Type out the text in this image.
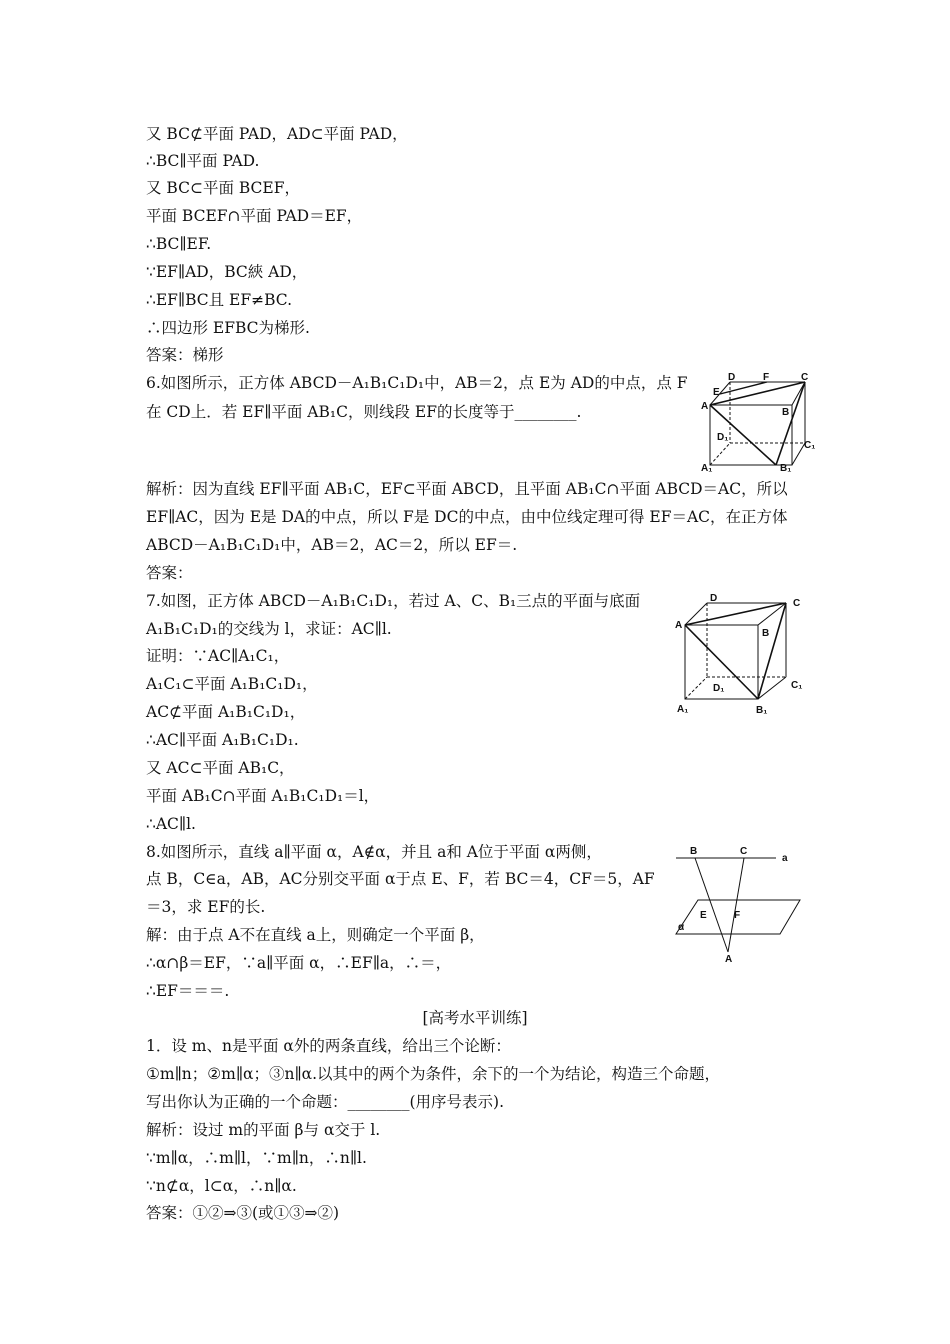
又 BC⊄平面 PAD，AD⊂平面 PAD，
∴BC∥平面 PAD.
又 BC⊂平面 BCEF，
平面 BCEF∩平面 PAD＝EF，
∴BC∥EF.
∵EF∥AD，BC綊 AD，
∴EF∥BC且 EF≠BC.
∴四边形 EFBC为梯形.
答案：梯形
6.如图所示，正方体 ABCD－A₁B₁C₁D₁中，AB＝2，点 E为 AD的中点，点 F
在 CD上．若 EF∥平面 AB₁C，则线段 EF的长度等于________.
解析：因为直线 EF∥平面 AB₁C，EF⊂平面 ABCD，且平面 AB₁C∩平面 ABCD＝AC，所以
EF∥AC，因为 E是 DA的中点，所以 F是 DC的中点，由中位线定理可得 EF＝AC，在正方体
ABCD－A₁B₁C₁D₁中，AB＝2，AC＝2，所以 EF＝.
答案：
7.如图，正方体 ABCD－A₁B₁C₁D₁，若过 A、C、B₁三点的平面与底面
A₁B₁C₁D₁的交线为 l，求证：AC∥l.
证明：∵AC∥A₁C₁，
A₁C₁⊂平面 A₁B₁C₁D₁，
AC⊄平面 A₁B₁C₁D₁，
∴AC∥平面 A₁B₁C₁D₁.
又 AC⊂平面 AB₁C，
平面 AB₁C∩平面 A₁B₁C₁D₁＝l，
∴AC∥l.
8.如图所示，直线 a∥平面 α，A∉α，并且 a和 A位于平面 α两侧，
点 B，C∈a，AB，AC分别交平面 α于点 E、F，若 BC＝4，CF＝5，AF
＝3，求 EF的长.
解：由于点 A不在直线 a上，则确定一个平面 β，
∴α∩β＝EF，∵a∥平面 α，∴EF∥a，∴＝，
∴EF＝＝＝.
[高考水平训练]
1．设 m、n是平面 α外的两条直线，给出三个论断：
①m∥n；②m∥α；③n∥α.以其中的两个为条件，余下的一个为结论，构造三个命题，
写出你认为正确的一个命题：________(用序号表示).
解析：设过 m的平面 β与 α交于 l.
∵m∥α，∴m∥l，∵m∥n，∴n∥l.
∵n⊄α，l⊂α，∴n∥α.
答案：①②⇒③(或①③⇒②)
E
D	F	C
A
B
D₁
C₁
A₁	B₁
D	C
A
B
D₁	C₁
A₁	B₁
B	C
a
E	F
α
A
